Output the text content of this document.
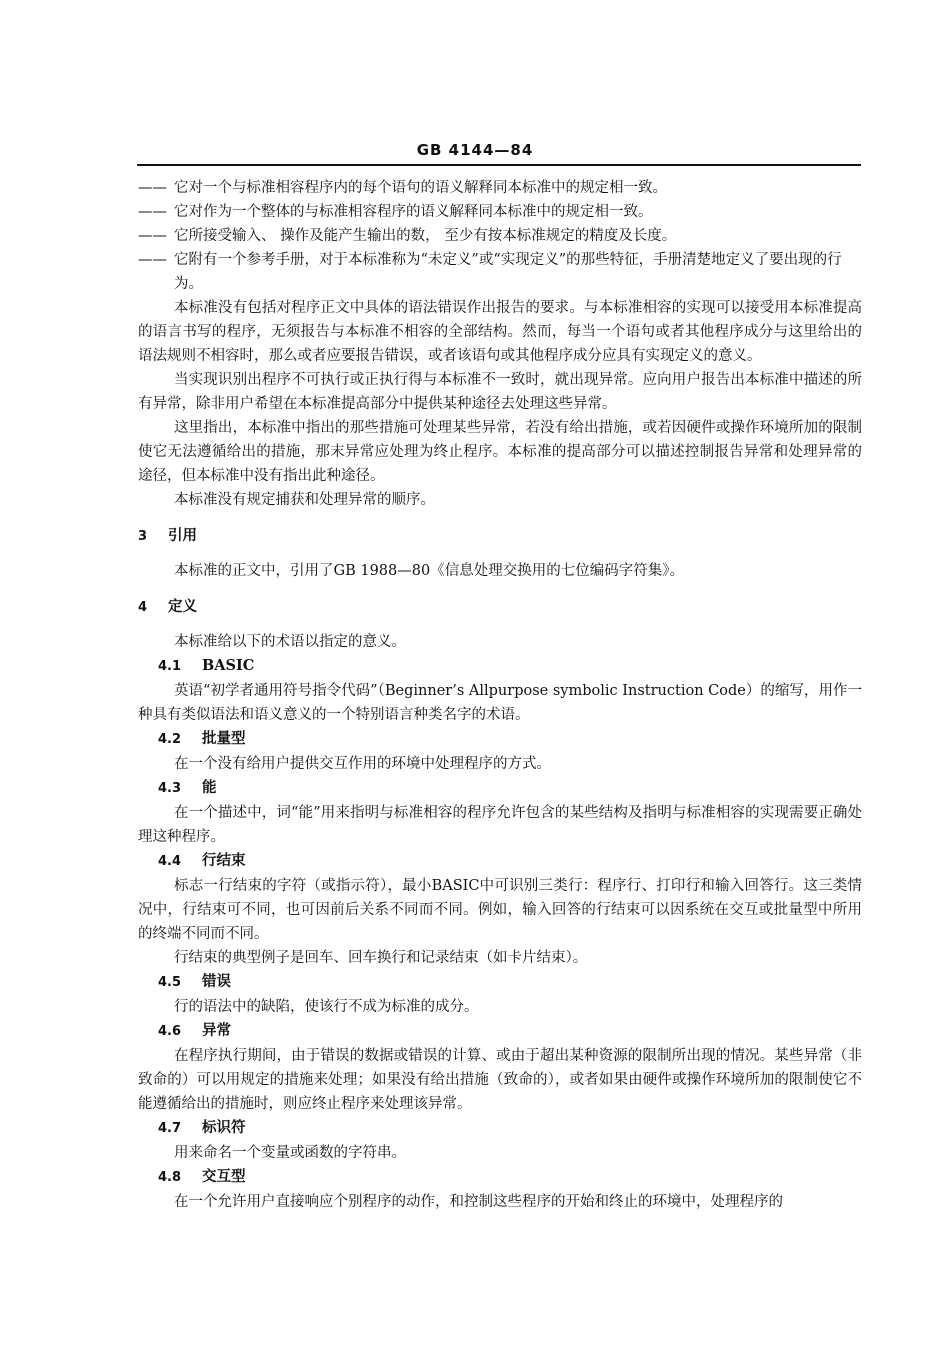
GB 4144—84
—— 它对一个与标准相容程序内的每个语句的语义解释同本标准中的规定相一致。
—— 它对作为一个整体的与标准相容程序的语义解释同本标准中的规定相一致。
—— 它所接受输入、 操作及能产生输出的数， 至少有按本标准规定的精度及长度。
—— 它附有一个参考手册，对于本标准称为“未定义”或“实现定义”的那些特征，手册清楚地定义了要出现的行为。
本标准没有包括对程序正文中具体的语法错误作出报告的要求。与本标准相容的实现可以接受用本标准提高的语言书写的程序，无须报告与本标准不相容的全部结构。然而，每当一个语句或者其他程序成分与这里给出的语法规则不相容时，那么或者应要报告错误，或者该语句或其他程序成分应具有实现定义的意义。
当实现识别出程序不可执行或正执行得与本标准不一致时，就出现异常。应向用户报告出本标准中描述的所有异常，除非用户希望在本标准提高部分中提供某种途径去处理这些异常。
这里指出，本标准中指出的那些措施可处理某些异常，若没有给出措施，或若因硬件或操作环境所加的限制使它无法遵循给出的措施，那末异常应处理为终止程序。本标准的提高部分可以描述控制报告异常和处理异常的途径，但本标准中没有指出此种途径。
本标准没有规定捕获和处理异常的顺序。
3 引用
本标准的正文中，引用了GB 1988—80《信息处理交换用的七位编码字符集》。
4 定义
本标准给以下的术语以指定的意义。
4.1 BASIC
英语“初学者通用符号指令代码”（Beginner’s Allpurpose symbolic Instruction Code）的缩写，用作一种具有类似语法和语义意义的一个特别语言种类名字的术语。
4.2 批量型
在一个没有给用户提供交互作用的环境中处理程序的方式。
4.3 能
在一个描述中，词“能”用来指明与标准相容的程序允许包含的某些结构及指明与标准相容的实现需要正确处理这种程序。
4.4 行结束
标志一行结束的字符（或指示符），最小BASIC中可识别三类行：程序行、打印行和输入回答行。这三类情况中，行结束可不同，也可因前后关系不同而不同。例如，输入回答的行结束可以因系统在交互或批量型中所用的终端不同而不同。
行结束的典型例子是回车、回车换行和记录结束（如卡片结束）。
4.5 错误
行的语法中的缺陷，使该行不成为标准的成分。
4.6 异常
在程序执行期间，由于错误的数据或错误的计算、或由于超出某种资源的限制所出现的情况。某些异常（非致命的）可以用规定的措施来处理；如果没有给出措施（致命的），或者如果由硬件或操作环境所加的限制使它不能遵循给出的措施时，则应终止程序来处理该异常。
4.7 标识符
用来命名一个变量或函数的字符串。
4.8 交互型
在一个允许用户直接响应个别程序的动作，和控制这些程序的开始和终止的环境中，处理程序的
